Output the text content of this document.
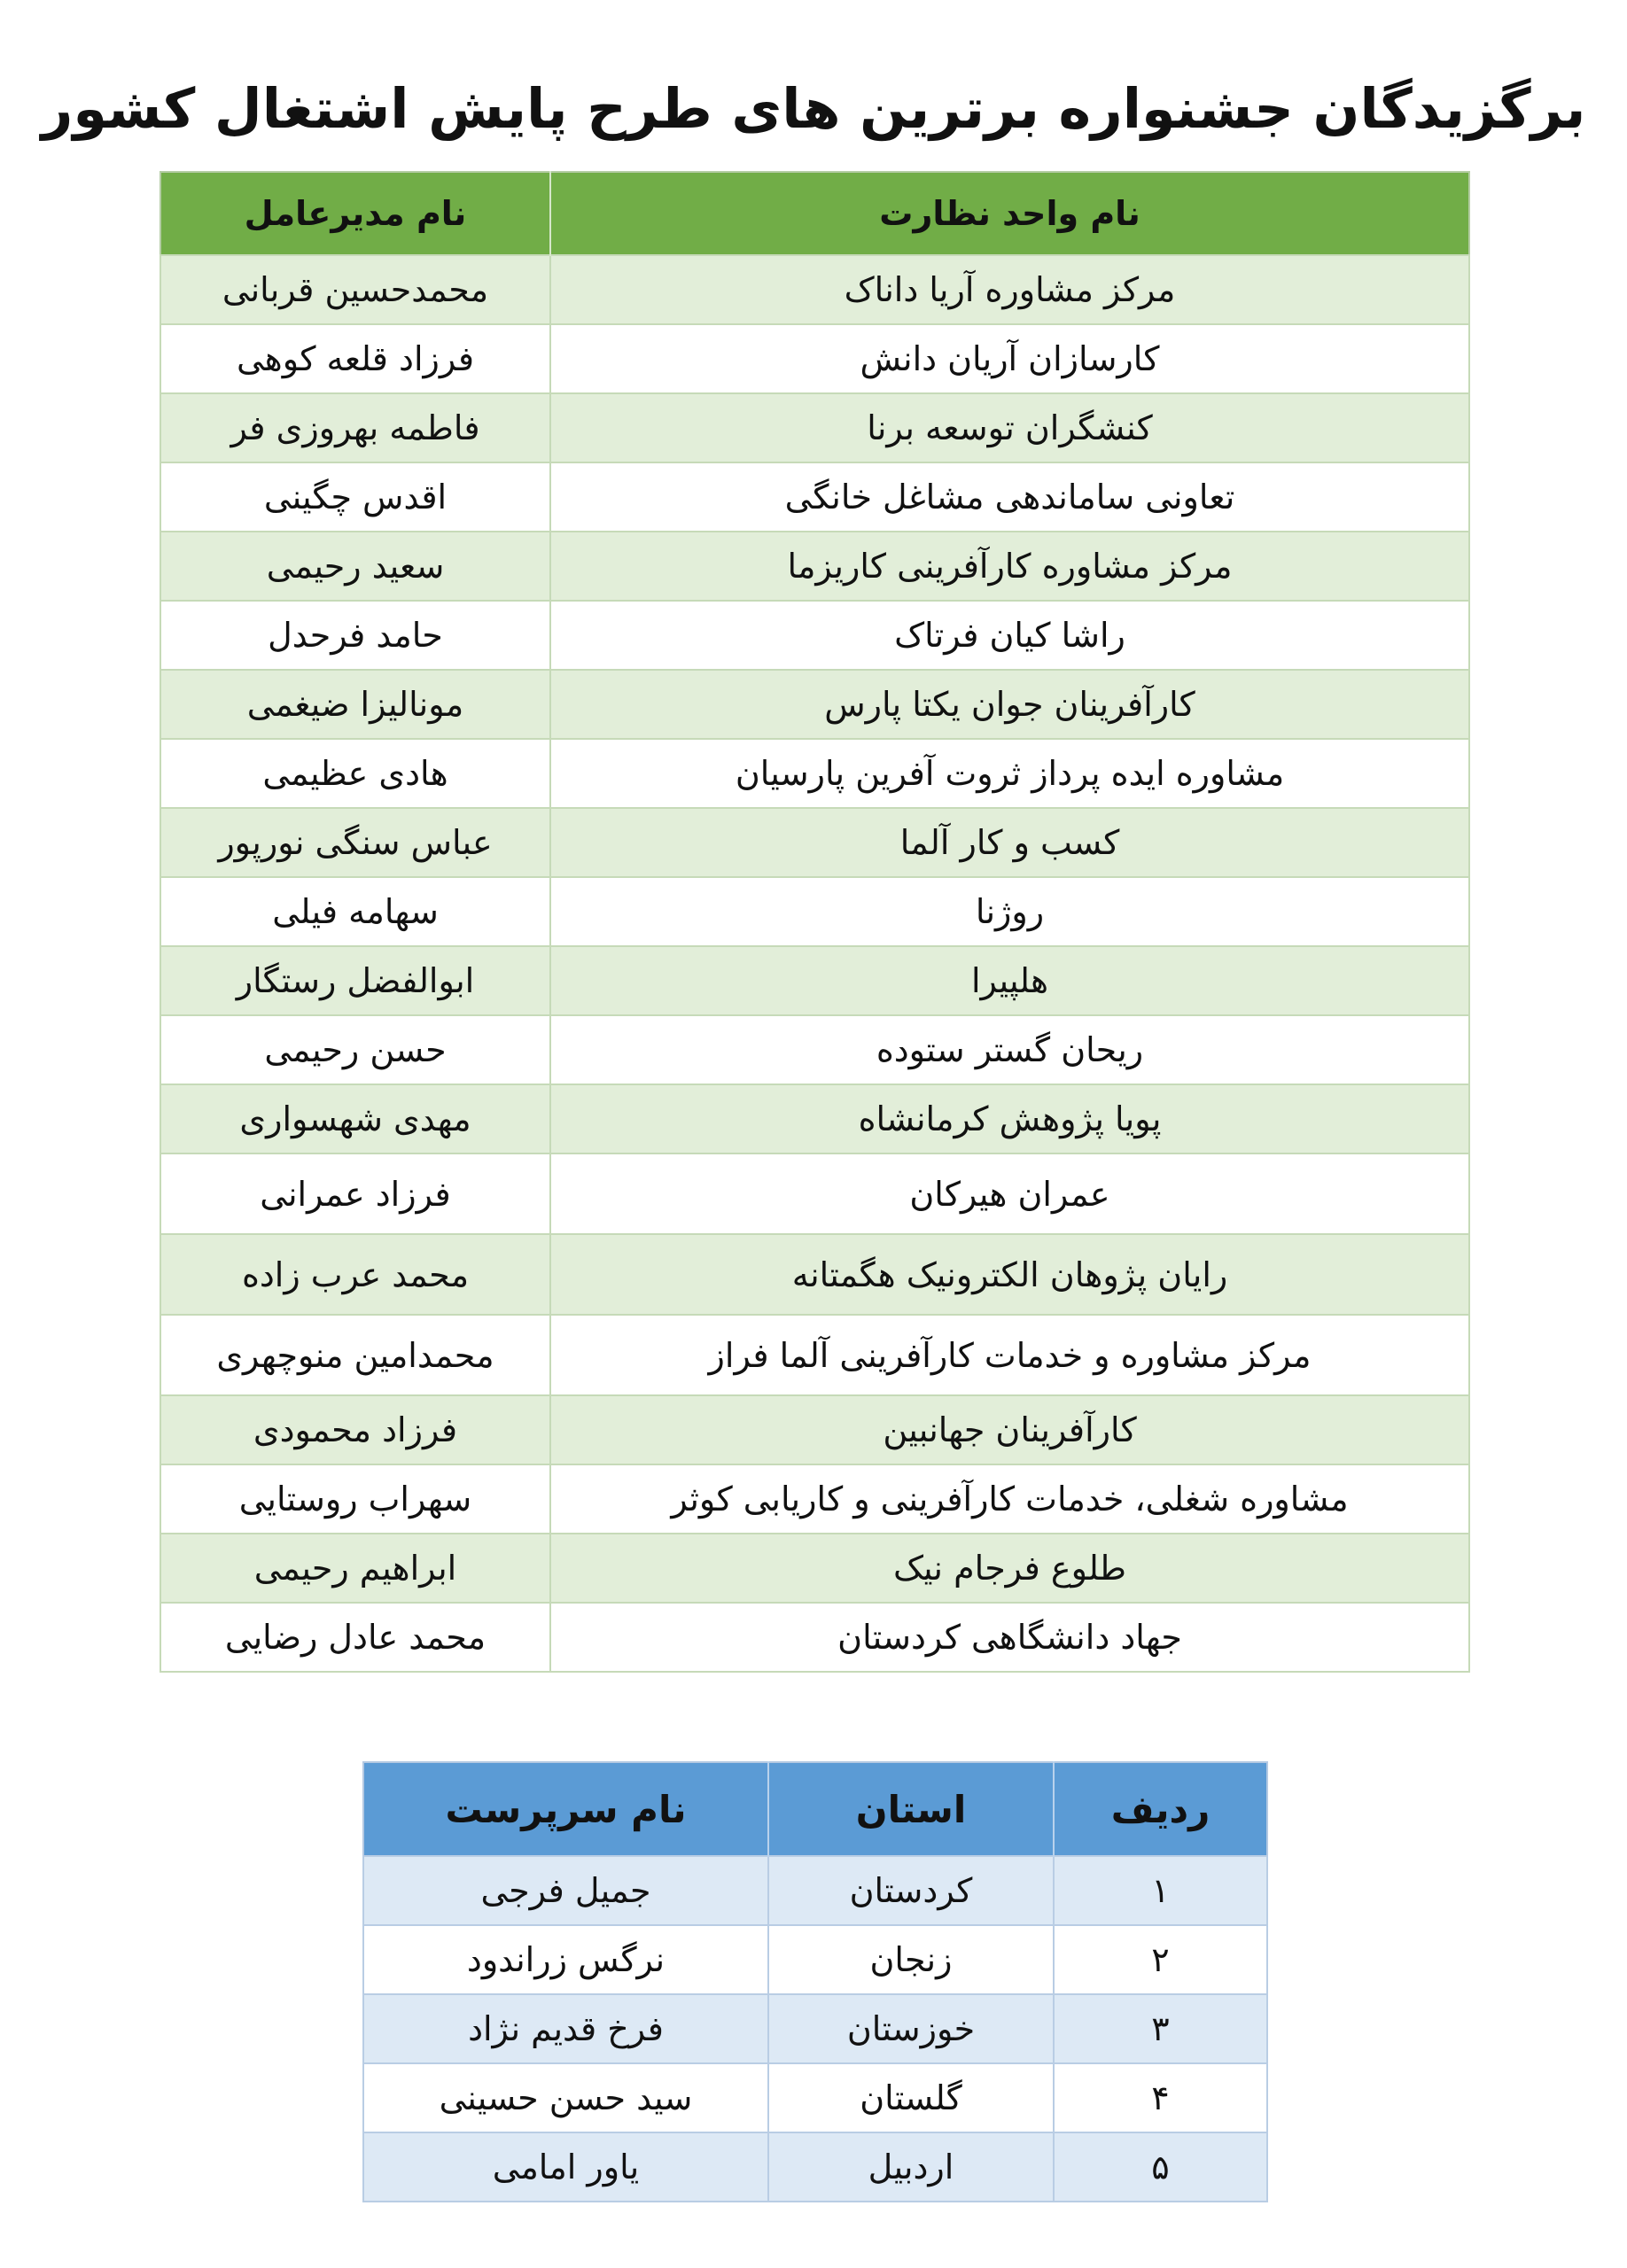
برگزیدگان جشنواره برترین های طرح پایش اشتغال کشور
نام واحد نظارت	نام مدیرعامل
مرکز مشاوره آریا داناک	محمدحسین قربانی
کارسازان آریان دانش	فرزاد قلعه کوهی
کنشگران توسعه برنا	فاطمه بهروزی فر
تعاونی ساماندهی مشاغل خانگی	اقدس چگینی
مرکز مشاوره کارآفرینی کاریزما	سعید رحیمی
راشا کیان فرتاک	حامد فرحدل
کارآفرینان جوان یکتا پارس	مونالیزا ضیغمی
مشاوره ایده پرداز ثروت آفرین پارسیان	هادی عظیمی
کسب و کار آلما	عباس سنگی نورپور
روژنا	سهامه فیلی
هلپیرا	ابوالفضل رستگار
ریحان گستر ستوده	حسن رحیمی
پویا پژوهش کرمانشاه	مهدی شهسواری
عمران هیرکان	فرزاد عمرانی
رایان پژوهان الکترونیک هگمتانه	محمد عرب زاده
مرکز مشاوره و خدمات کارآفرینی آلما فراز	محمدامین منوچهری
کارآفرینان جهانبین	فرزاد محمودی
مشاوره شغلی، خدمات کارآفرینی و کاریابی کوثر	سهراب روستایی
طلوع فرجام نیک	ابراهیم رحیمی
جهاد دانشگاهی کردستان	محمد عادل رضایی
ردیف	استان	نام سرپرست
۱	کردستان	جمیل فرجی
۲	زنجان	نرگس زراندود
۳	خوزستان	فرخ قدیم نژاد
۴	گلستان	سید حسن حسینی
۵	اردبیل	یاور امامی
